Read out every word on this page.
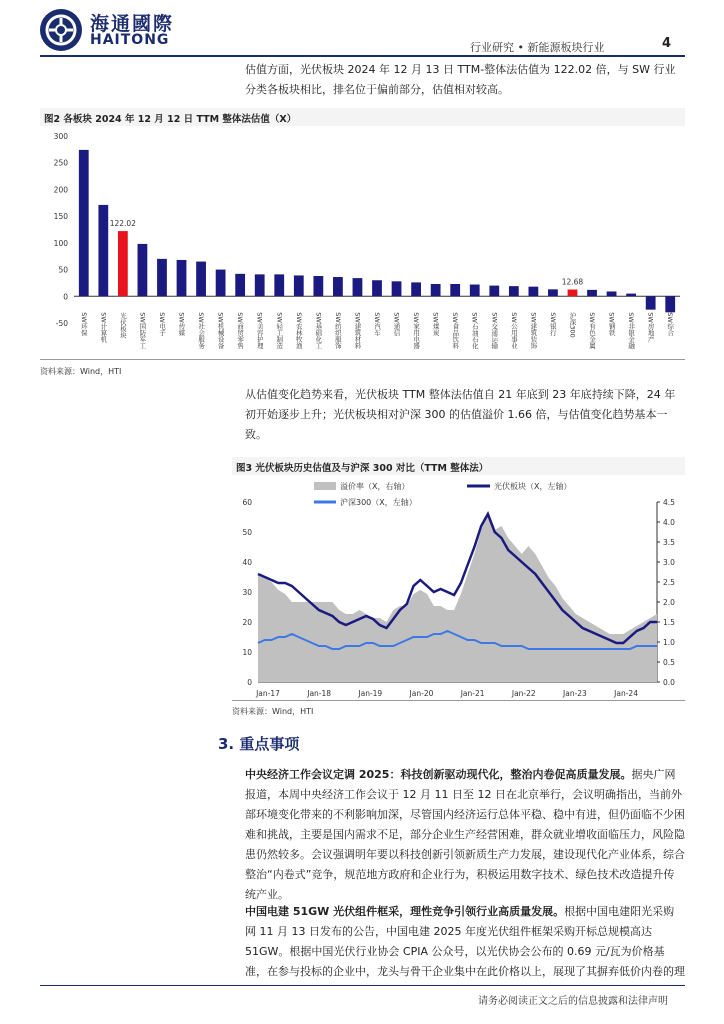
海通國際
HAITONG	行业研究 • 新能源板块行业	4
估值方面，光伏板块 2024 年 12 月 13 日 TTM-整体法估值为 122.02 倍，与 SW 行业分类各板块相比，排名位于偏前部分，估值相对较高。
图2 各板块 2024 年 12 月 12 日 TTM 整体法估值（X）
-50
0
50
100
150
200
250
300
122.02
12.68
SW环保 SW计算机 光伏板块 SW国防军工 SW电子 SW传媒 SW社会服务 SW机械设备 SW商贸零售 SW美容护理 SW轻工制造 SW农林牧渔 SW基础化工 SW纺织服饰 SW建筑材料 SW汽车 SW通信 SW家用电器 SW煤炭 SW食品饮料 SW石油石化 SW交通运输 SW公用事业 SW建筑装饰 SW银行 沪深300 SW有色金属 SW钢铁 SW非银金融 SW房地产 SW综合
资料来源：Wind，HTI
从估值变化趋势来看，光伏板块 TTM 整体法估值自 21 年底到 23 年底持续下降，24 年初开始逐步上升；光伏板块相对沪深 300 的估值溢价 1.66 倍，与估值变化趋势基本一致。
图3 光伏板块历史估值及与沪深 300 对比（TTM 整体法）
溢价率（X，右轴）	光伏板块（X，左轴）
沪深300（X，左轴）
0
10
20
30
40
50
60
0.0
0.5
1.0
1.5
2.0
2.5
3.0
3.5
4.0
4.5
Jan-17	Jan-18	Jan-19	Jan-20	Jan-21	Jan-22	Jan-23	Jan-24
资料来源：Wind，HTI
3. 重点事项
中央经济工作会议定调 2025：科技创新驱动现代化，整治内卷促高质量发展。据央广网报道，本周中央经济工作会议于 12 月 11 日至 12 日在北京举行，会议明确指出，当前外部环境变化带来的不利影响加深，尽管国内经济运行总体平稳、稳中有进，但仍面临不少困难和挑战，主要是国内需求不足，部分企业生产经营困难，群众就业增收面临压力，风险隐患仍然较多。会议强调明年要以科技创新引领新质生产力发展，建设现代化产业体系，综合整治“内卷式”竞争，规范地方政府和企业行为，积极运用数字技术、绿色技术改造提升传统产业。
中国电建 51GW 光伏组件框采，理性竞争引领行业高质量发展。根据中国电建阳光采购网 11 月 13 日发布的公告，中国电建 2025 年度光伏组件框架采购开标总规模高达 51GW。根据中国光伏行业协会 CPIA 公众号，以光伏协会公布的 0.69 元/瓦为价格基准，在参与投标的企业中，龙头与骨干企业集中在此价格以上，展现了其摒弃低价内卷的理
请务必阅读正文之后的信息披露和法律声明
